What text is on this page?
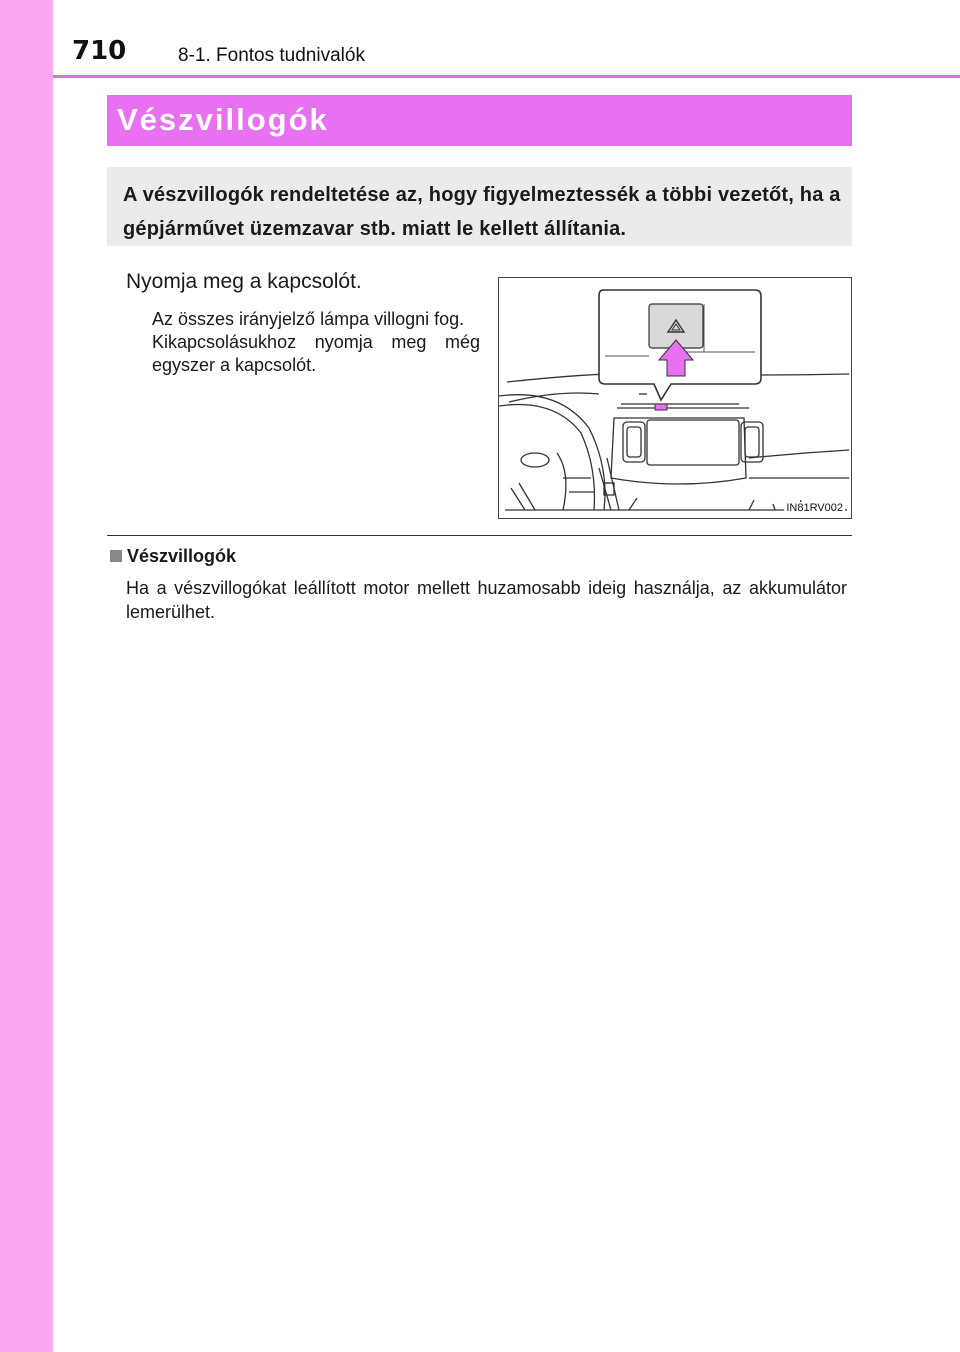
710	8-1. Fontos tudnivalók
Vészvillogók
A vészvillogók rendeltetése az, hogy figyelmeztessék a többi vezetőt, ha a gépjárművet üzemzavar stb. miatt le kellett állítania.
Nyomja meg a kapcsolót.
Az összes irányjelző lámpa villogni fog.
Kikapcsolásukhoz nyomja meg még egyszer a kapcsolót.
IN81RV002
Vészvillogók
Ha a vészvillogókat leállított motor mellett huzamosabb ideig használja, az akkumulátor lemerülhet.
